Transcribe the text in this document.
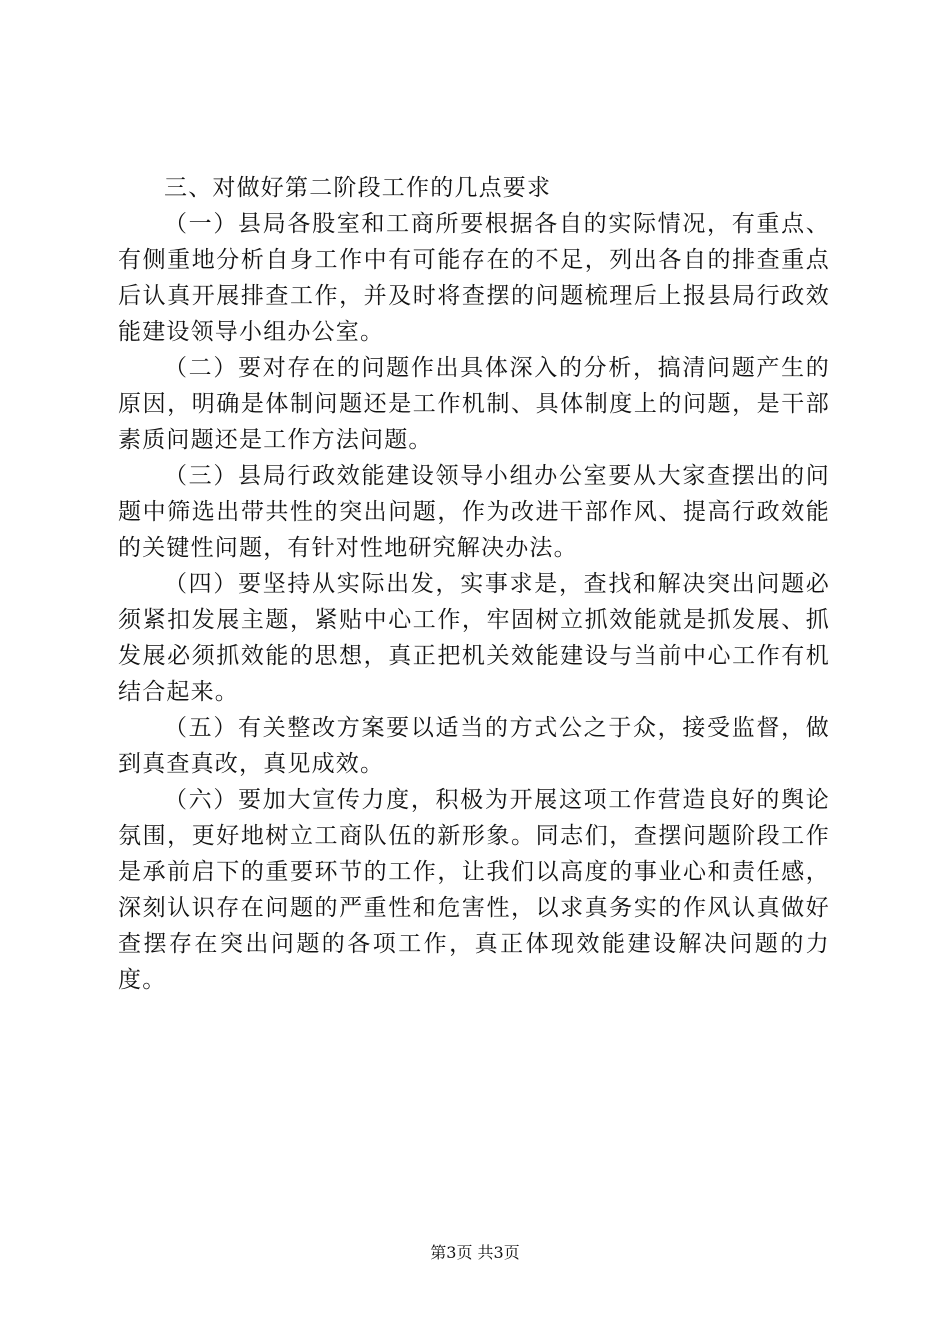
三、对做好第二阶段工作的几点要求

（一）县局各股室和工商所要根据各自的实际情况，有重点、有侧重地分析自身工作中有可能存在的不足，列出各自的排查重点后认真开展排查工作，并及时将查摆的问题梳理后上报县局行政效能建设领导小组办公室。

（二）要对存在的问题作出具体深入的分析，搞清问题产生的原因，明确是体制问题还是工作机制、具体制度上的问题，是干部素质问题还是工作方法问题。

（三）县局行政效能建设领导小组办公室要从大家查摆出的问题中筛选出带共性的突出问题，作为改进干部作风、提高行政效能的关键性问题，有针对性地研究解决办法。

（四）要坚持从实际出发，实事求是，查找和解决突出问题必须紧扣发展主题，紧贴中心工作，牢固树立抓效能就是抓发展、抓发展必须抓效能的思想，真正把机关效能建设与当前中心工作有机结合起来。

（五）有关整改方案要以适当的方式公之于众，接受监督，做到真查真改，真见成效。

（六）要加大宣传力度，积极为开展这项工作营造良好的舆论氛围，更好地树立工商队伍的新形象。同志们，查摆问题阶段工作是承前启下的重要环节的工作，让我们以高度的事业心和责任感，深刻认识存在问题的严重性和危害性，以求真务实的作风认真做好查摆存在突出问题的各项工作，真正体现效能建设解决问题的力度。

第3页 共3页
